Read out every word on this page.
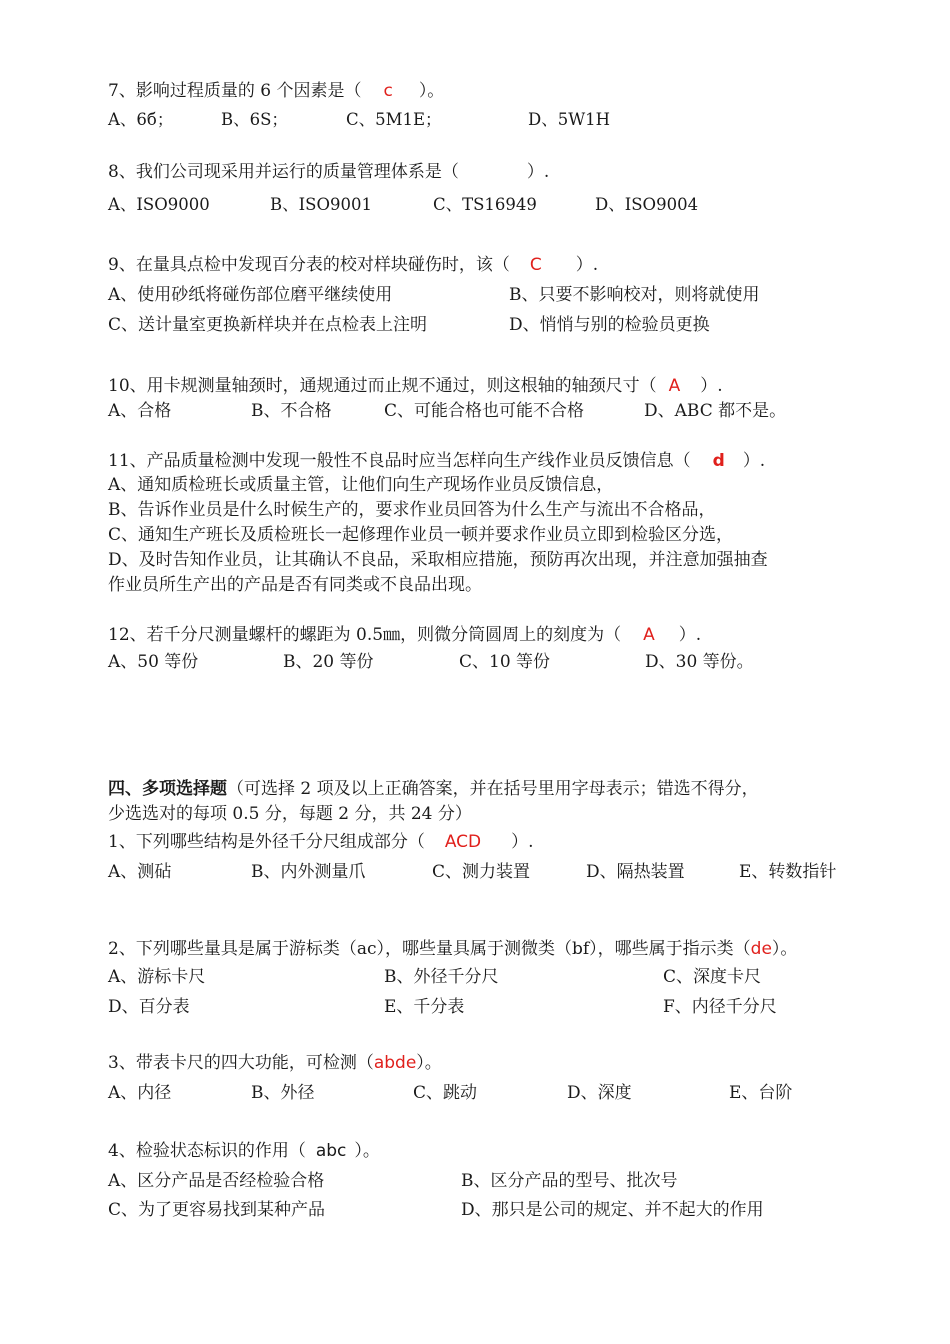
7、影响过程质量的 6 个因素是（ c ）。
A、6б；	B、6S；	C、5M1E；	D、5W1H
8、我们公司现采用并运行的质量管理体系是（　　　　）.
A、ISO9000	B、ISO9001	C、TS16949	D、ISO9004
9、在量具点检中发现百分表的校对样块碰伤时，该（ C ）.
A、使用砂纸将碰伤部位磨平继续使用	B、只要不影响校对，则将就使用
C、送计量室更换新样块并在点检表上注明	D、悄悄与别的检验员更换
10、用卡规测量轴颈时，通规通过而止规不通过，则这根轴的轴颈尺寸（ A ）.
A、合格	B、不合格	C、可能合格也可能不合格	D、ABC 都不是。
11、产品质量检测中发现一般性不良品时应当怎样向生产线作业员反馈信息（ d ）.
A、通知质检班长或质量主管，让他们向生产现场作业员反馈信息，
B、告诉作业员是什么时候生产的，要求作业员回答为什么生产与流出不合格品，
C、通知生产班长及质检班长一起修理作业员一顿并要求作业员立即到检验区分选，
D、及时告知作业员，让其确认不良品，采取相应措施，预防再次出现，并注意加强抽查
作业员所生产出的产品是否有同类或不良品出现。
12、若千分尺测量螺杆的螺距为 0.5㎜，则微分筒圆周上的刻度为（ A ）.
A、50 等份	B、20 等份	C、10 等份	D、30 等份。
四、多项选择题（可选择 2 项及以上正确答案，并在括号里用字母表示；错选不得分，
少选选对的每项 0.5 分，每题 2 分，共 24 分）
1、下列哪些结构是外径千分尺组成部分（ ACD ）.
A、测砧	B、内外测量爪	C、测力装置	D、隔热装置	E、转数指针
2、下列哪些量具是属于游标类（ac），哪些量具属于测微类（bf），哪些属于指示类（de）。
A、游标卡尺	B、外径千分尺	C、深度卡尺
D、百分表	E、千分表	F、内径千分尺
3、带表卡尺的四大功能，可检测（abde）。
A、内径	B、外径	C、跳动	D、深度	E、台阶
4、检验状态标识的作用（ abc ）。
A、区分产品是否经检验合格	B、区分产品的型号、批次号
C、为了更容易找到某种产品	D、那只是公司的规定、并不起大的作用
